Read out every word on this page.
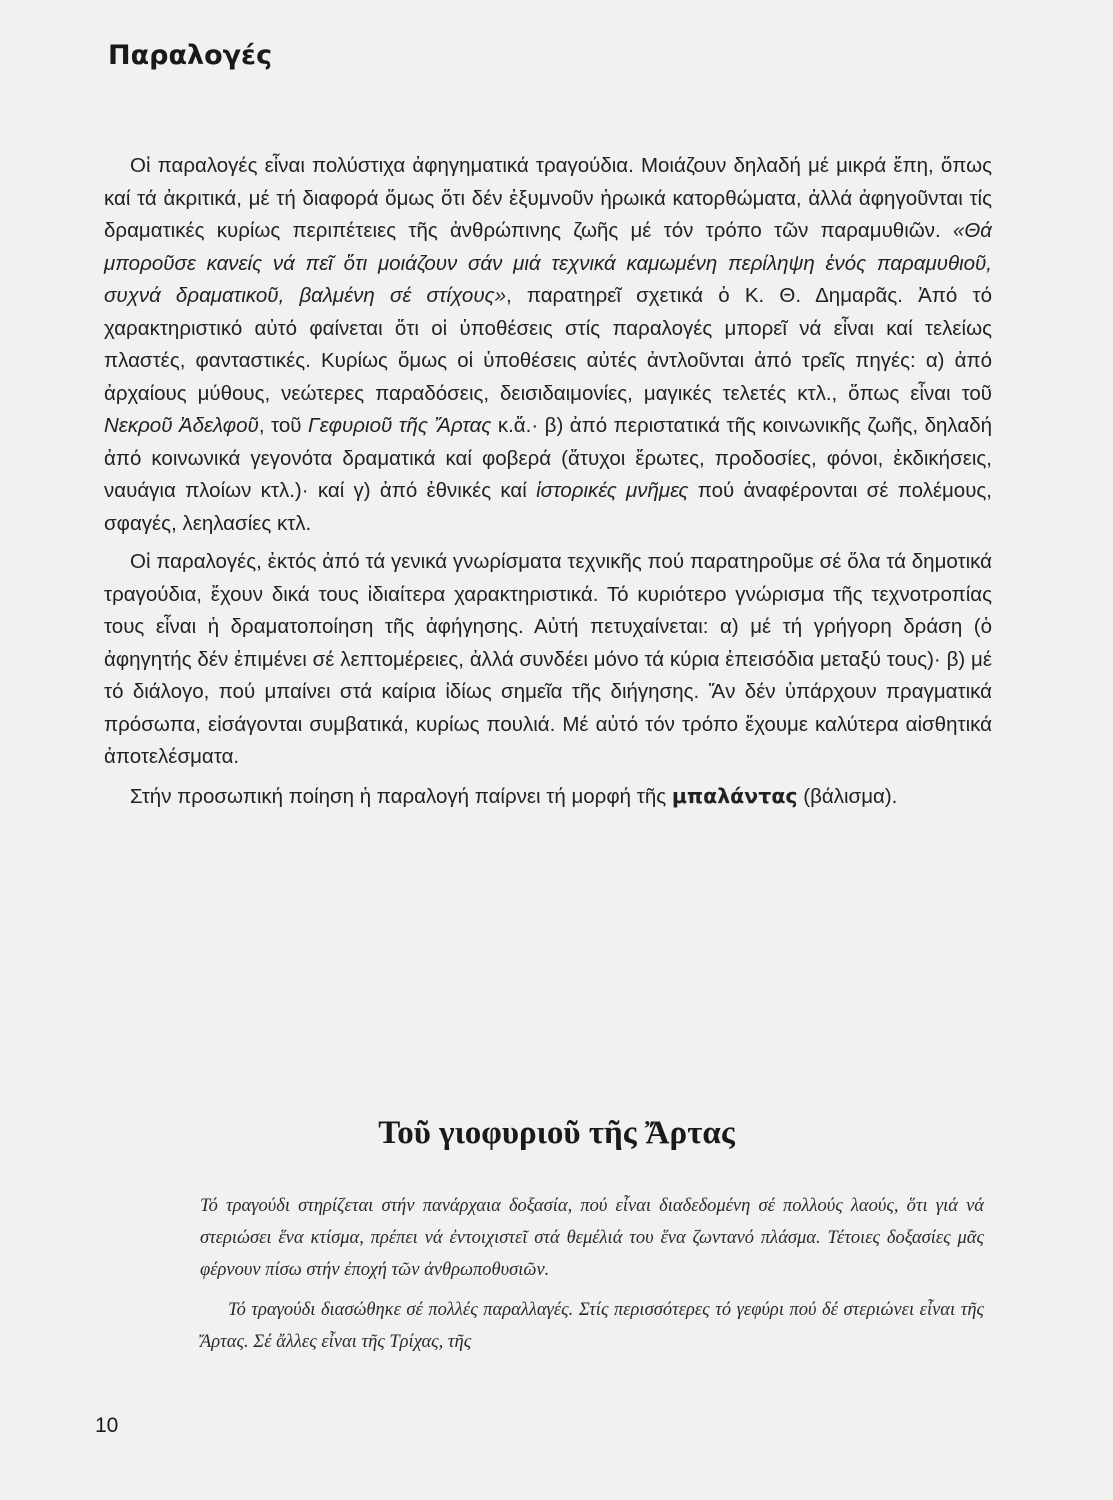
Παραλογές

Οἱ παραλογές εἶναι πολύστιχα ἀφηγηματικά τραγούδια. Μοιάζουν δηλαδή μέ μικρά ἔπη, ὅπως καί τά ἀκριτικά, μέ τή διαφορά ὅμως ὅτι δέν ἐξυμνοῦν ἡρωικά κατορθώματα, ἀλλά ἀφηγοῦνται τίς δραματικές κυρίως περιπέτειες τῆς ἀνθρώπινης ζωῆς μέ τόν τρόπο τῶν παραμυθιῶν. «Θά μποροῦσε κανείς νά πεῖ ὅτι μοιάζουν σάν μιά τεχνικά καμωμένη περίληψη ἑνός παραμυθιοῦ, συχνά δραματικοῦ, βαλμένη σέ στίχους», παρατηρεῖ σχετικά ὁ Κ. Θ. Δημαρᾶς. Ἀπό τό χαρακτηριστικό αὐτό φαίνεται ὅτι οἱ ὑποθέσεις στίς παραλογές μπορεῖ νά εἶναι καί τελείως πλαστές, φανταστικές. Κυρίως ὅμως οἱ ὑποθέσεις αὐτές ἀντλοῦνται ἀπό τρεῖς πηγές: α) ἀπό ἀρχαίους μύθους, νεώτερες παραδόσεις, δεισιδαιμονίες, μαγικές τελετές κτλ., ὅπως εἶναι τοῦ Νεκροῦ Ἀδελφοῦ, τοῦ Γεφυριοῦ τῆς Ἄρτας κ.ἄ.· β) ἀπό περιστατικά τῆς κοινωνικῆς ζωῆς, δηλαδή ἀπό κοινωνικά γεγονότα δραματικά καί φοβερά (ἄτυχοι ἔρωτες, προδοσίες, φόνοι, ἐκδικήσεις, ναυάγια πλοίων κτλ.)· καί γ) ἀπό ἐθνικές καί ἱστορικές μνῆμες πού ἀναφέρονται σέ πολέμους, σφαγές, λεηλασίες κτλ.

Οἱ παραλογές, ἐκτός ἀπό τά γενικά γνωρίσματα τεχνικῆς πού παρατηροῦμε σέ ὅλα τά δημοτικά τραγούδια, ἔχουν δικά τους ἰδιαίτερα χαρακτηριστικά. Τό κυριότερο γνώρισμα τῆς τεχνοτροπίας τους εἶναι ἡ δραματοποίηση τῆς ἀφήγησης. Αὐτή πετυχαίνεται: α) μέ τή γρήγορη δράση (ὁ ἀφηγητής δέν ἐπιμένει σέ λεπτομέρειες, ἀλλά συνδέει μόνο τά κύρια ἐπεισόδια μεταξύ τους)· β) μέ τό διάλογο, πού μπαίνει στά καίρια ἰδίως σημεῖα τῆς διήγησης. Ἄν δέν ὑπάρχουν πραγματικά πρόσωπα, εἰσάγονται συμβατικά, κυρίως πουλιά. Μέ αὐτό τόν τρόπο ἔχουμε καλύτερα αἰσθητικά ἀποτελέσματα.

Στήν προσωπική ποίηση ἡ παραλογή παίρνει τή μορφή τῆς μπαλάντας (βάλισμα).

Τοῦ γιοφυριοῦ τῆς Ἄρτας

Τό τραγούδι στηρίζεται στήν πανάρχαια δοξασία, πού εἶναι διαδεδομένη σέ πολλούς λαούς, ὅτι γιά νά στεριώσει ἕνα κτίσμα, πρέπει νά ἐντοιχιστεῖ στά θεμέλιά του ἕνα ζωντανό πλάσμα. Τέτοιες δοξασίες μᾶς φέρνουν πίσω στήν ἐποχή τῶν ἀνθρωποθυσιῶν.

Τό τραγούδι διασώθηκε σέ πολλές παραλλαγές. Στίς περισσότερες τό γεφύρι πού δέ στεριώνει εἶναι τῆς Ἄρτας. Σέ ἄλλες εἶναι τῆς Τρίχας, τῆς

10
